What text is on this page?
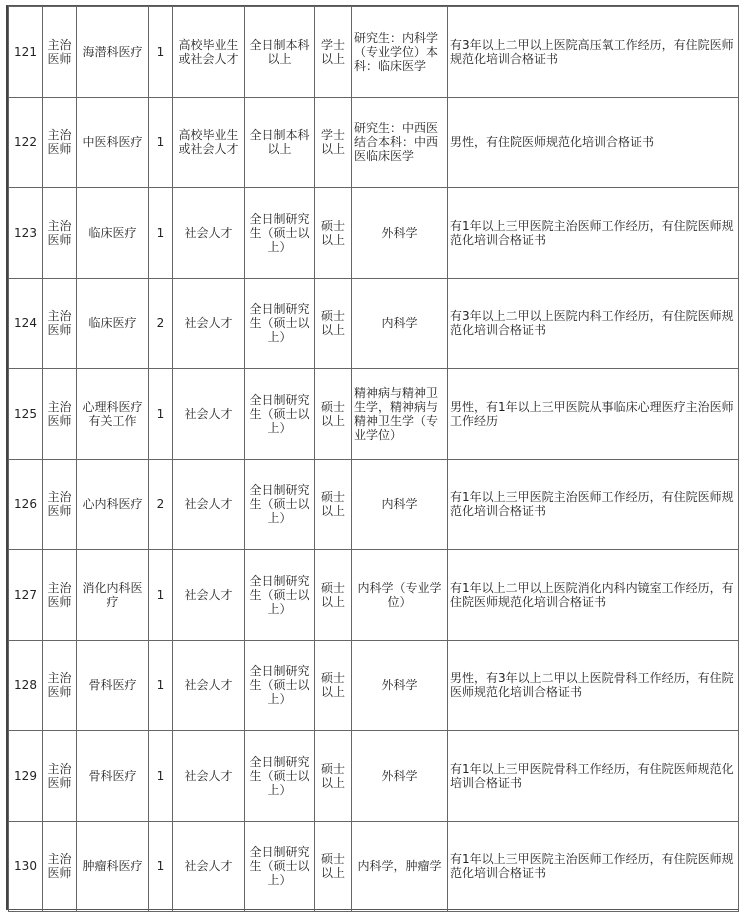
121	主治医师	海潜科医疗	1	高校毕业生或社会人才	全日制本科以上	学士以上	研究生：内科学（专业学位）本科：临床医学	有3年以上二甲以上医院高压氧工作经历，有住院医师规范化培训合格证书
122	主治医师	中医科医疗	1	高校毕业生或社会人才	全日制本科以上	学士以上	研究生：中西医结合本科：中西医临床医学	男性，有住院医师规范化培训合格证书
123	主治医师	临床医疗	1	社会人才	全日制研究生（硕士以上）	硕士以上	外科学	有1年以上三甲医院主治医师工作经历，有住院医师规范化培训合格证书
124	主治医师	临床医疗	2	社会人才	全日制研究生（硕士以上）	硕士以上	内科学	有3年以上二甲以上医院内科工作经历，有住院医师规范化培训合格证书
125	主治医师	心理科医疗有关工作	1	社会人才	全日制研究生（硕士以上）	硕士以上	精神病与精神卫生学，精神病与精神卫生学（专业学位）	男性，有1年以上三甲医院从事临床心理医疗主治医师工作经历
126	主治医师	心内科医疗	2	社会人才	全日制研究生（硕士以上）	硕士以上	内科学	有1年以上三甲医院主治医师工作经历，有住院医师规范化培训合格证书
127	主治医师	消化内科医疗	1	社会人才	全日制研究生（硕士以上）	硕士以上	内科学（专业学位）	有1年以上二甲以上医院消化内科内镜室工作经历，有住院医师规范化培训合格证书
128	主治医师	骨科医疗	1	社会人才	全日制研究生（硕士以上）	硕士以上	外科学	男性，有3年以上二甲以上医院骨科工作经历，有住院医师规范化培训合格证书
129	主治医师	骨科医疗	1	社会人才	全日制研究生（硕士以上）	硕士以上	外科学	有1年以上三甲医院骨科工作经历，有住院医师规范化培训合格证书
130	主治医师	肿瘤科医疗	1	社会人才	全日制研究生（硕士以上）	硕士以上	内科学，肿瘤学	有1年以上三甲医院主治医师工作经历，有住院医师规范化培训合格证书
